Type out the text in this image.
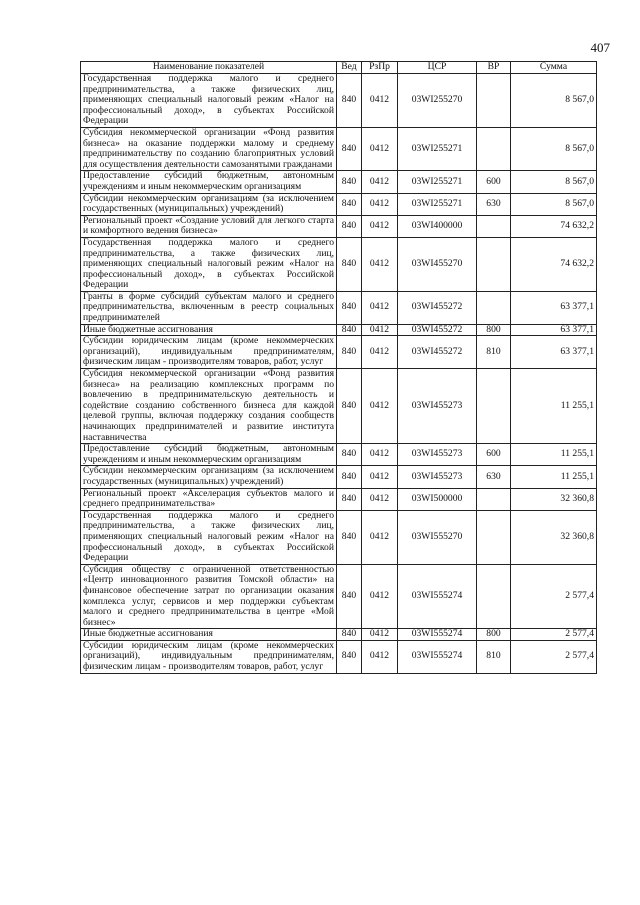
407
Наименование показателей	Вед	РзПр	ЦСР	ВР	Сумма
Государственная поддержка малого и среднего предпринимательства, а также физических лиц, применяющих специальный налоговый режим «Налог на профессиональный доход», в субъектах Российской Федерации	840	0412	03WI255270		8 567,0
Субсидия некоммерческой организации «Фонд развития бизнеса» на оказание поддержки малому и среднему предпринимательству по созданию благоприятных условий для осуществления деятельности самозанятыми гражданами	840	0412	03WI255271		8 567,0
Предоставление субсидий бюджетным, автономным учреждениям и иным некоммерческим организациям	840	0412	03WI255271	600	8 567,0
Субсидии некоммерческим организациям (за исключением государственных (муниципальных) учреждений)	840	0412	03WI255271	630	8 567,0
Региональный проект «Создание условий для легкого старта и комфортного ведения бизнеса»	840	0412	03WI400000		74 632,2
Государственная поддержка малого и среднего предпринимательства, а также физических лиц, применяющих специальный налоговый режим «Налог на профессиональный доход», в субъектах Российской Федерации	840	0412	03WI455270		74 632,2
Гранты в форме субсидий субъектам малого и среднего предпринимательства, включенным в реестр социальных предпринимателей	840	0412	03WI455272		63 377,1
Иные бюджетные ассигнования	840	0412	03WI455272	800	63 377,1
Субсидии юридическим лицам (кроме некоммерческих организаций), индивидуальным предпринимателям, физическим лицам - производителям товаров, работ, услуг	840	0412	03WI455272	810	63 377,1
Субсидия некоммерческой организации «Фонд развития бизнеса» на реализацию комплексных программ по вовлечению в предпринимательскую деятельность и содействие созданию собственного бизнеса для каждой целевой группы, включая поддержку создания сообществ начинающих предпринимателей и развитие института наставничества	840	0412	03WI455273		11 255,1
Предоставление субсидий бюджетным, автономным учреждениям и иным некоммерческим организациям	840	0412	03WI455273	600	11 255,1
Субсидии некоммерческим организациям (за исключением государственных (муниципальных) учреждений)	840	0412	03WI455273	630	11 255,1
Региональный проект «Акселерация субъектов малого и среднего предпринимательства»	840	0412	03WI500000		32 360,8
Государственная поддержка малого и среднего предпринимательства, а также физических лиц, применяющих специальный налоговый режим «Налог на профессиональный доход», в субъектах Российской Федерации	840	0412	03WI555270		32 360,8
Субсидия обществу с ограниченной ответственностью «Центр инновационного развития Томской области» на финансовое обеспечение затрат по организации оказания комплекса услуг, сервисов и мер поддержки субъектам малого и среднего предпринимательства в центре «Мой бизнес»	840	0412	03WI555274		2 577,4
Иные бюджетные ассигнования	840	0412	03WI555274	800	2 577,4
Субсидии юридическим лицам (кроме некоммерческих организаций), индивидуальным предпринимателям, физическим лицам - производителям товаров, работ, услуг	840	0412	03WI555274	810	2 577,4
